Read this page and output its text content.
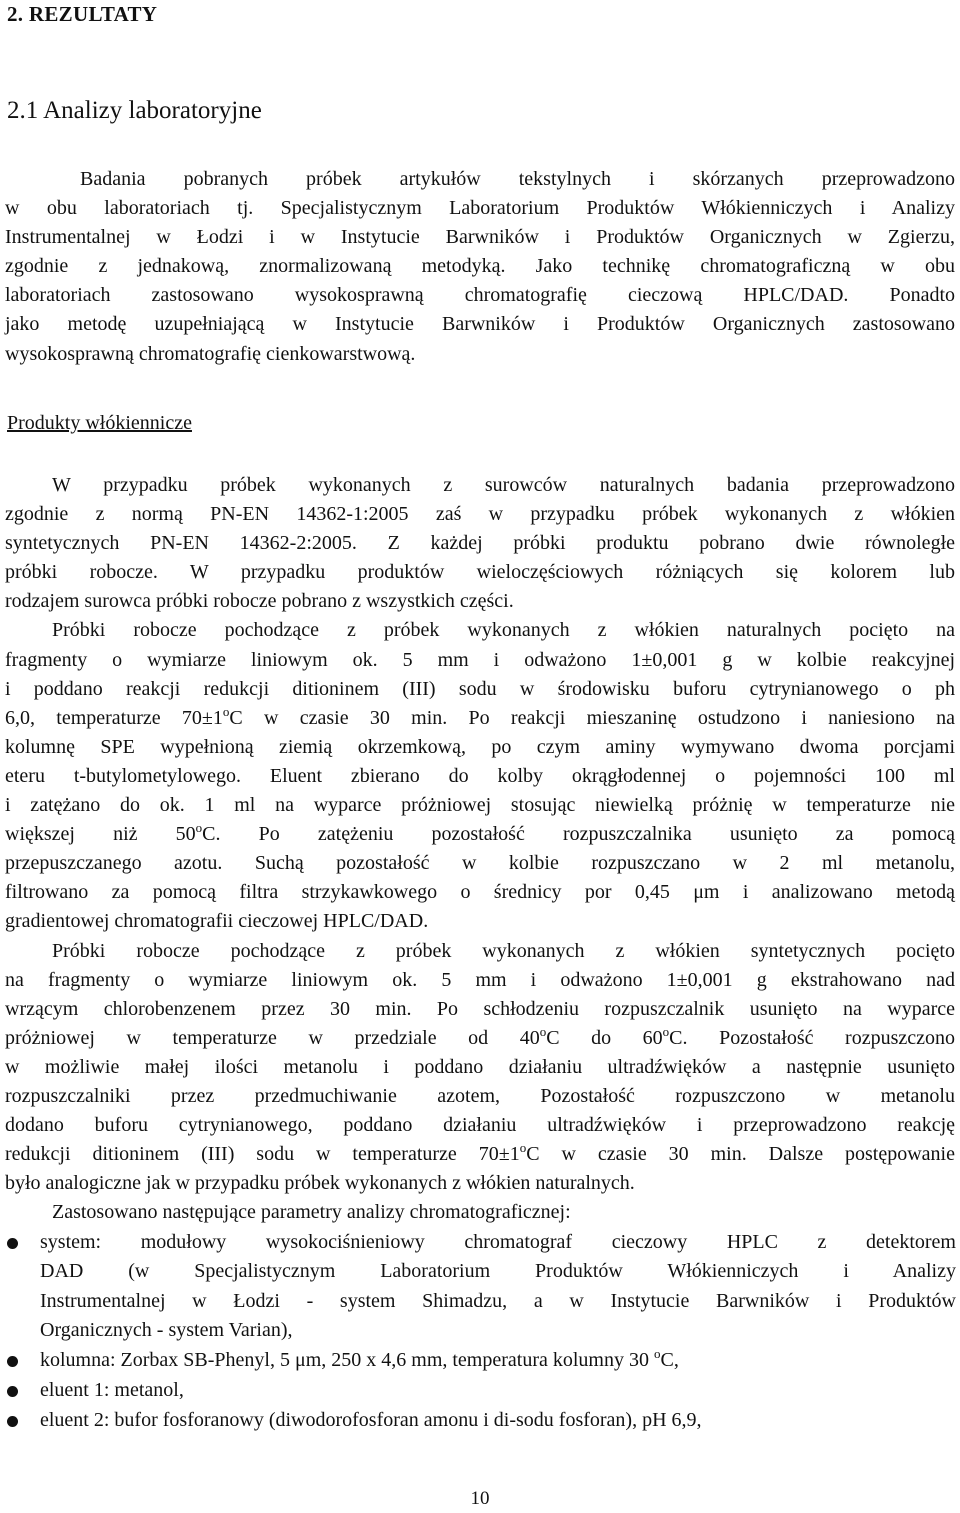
2. REZULTATY
2.1 Analizy laboratoryjne
Badania pobranych próbek artykułów tekstylnych i skórzanych przeprowadzono
w obu laboratoriach tj. Specjalistycznym Laboratorium Produktów Włókienniczych i Analizy
Instrumentalnej w Łodzi i w Instytucie Barwników i Produktów Organicznych w Zgierzu,
zgodnie z jednakową, znormalizowaną metodyką. Jako technikę chromatograficzną w obu
laboratoriach zastosowano wysokosprawną chromatografię cieczową HPLC/DAD. Ponadto
jako metodę uzupełniającą w Instytucie Barwników i Produktów Organicznych zastosowano
wysokosprawną chromatografię cienkowarstwową.
Produkty włókiennicze
W przypadku próbek wykonanych z surowców naturalnych badania przeprowadzono
zgodnie z normą PN-EN 14362-1:2005 zaś w przypadku próbek wykonanych z włókien
syntetycznych PN-EN 14362-2:2005. Z każdej próbki produktu pobrano dwie równoległe
próbki robocze. W przypadku produktów wieloczęściowych różniących się kolorem lub
rodzajem surowca próbki robocze pobrano z wszystkich części.
Próbki robocze pochodzące z próbek wykonanych z włókien naturalnych pocięto na
fragmenty o wymiarze liniowym ok. 5 mm i odważono 1±0,001 g w kolbie reakcyjnej
i poddano reakcji redukcji ditioninem (III) sodu w środowisku buforu cytrynianowego o ph
6,0, temperaturze $70\pm 1^oC$ w czasie 30 min. Po reakcji mieszaninę ostudzono i naniesiono na
kolumnę SPE wypełnioną ziemią okrzemkową, po czym aminy wymywano dwoma porcjami
eteru t-butylometylowego. Eluent zbierano do kolby okrągłodennej o pojemności 100 ml
i zatężano do ok. 1 ml na wyparce próżniowej stosując niewielką próżnię w temperaturze nie
większej niż 50$^o$C. Po zatężeniu pozostałość rozpuszczalnika usunięto za pomocą
przepuszczanego azotu. Suchą pozostałość w kolbie rozpuszczano w 2 ml metanolu,
filtrowano za pomocą filtra strzykawkowego o średnicy por 0,45 μm i analizowano metodą
gradientowej chromatografii cieczowej HPLC/DAD.
Próbki robocze pochodzące z próbek wykonanych z włókien syntetycznych pocięto
na fragmenty o wymiarze liniowym ok. 5 mm i odważono 1±0,001 g ekstrahowano nad
wrzącym chlorobenzenem przez 30 min. Po schłodzeniu rozpuszczalnik usunięto na wyparce
próżniowej w temperaturze w przedziale od 40$^o$C do 60$^o$C. Pozostałość rozpuszczono
w możliwie małej ilości metanolu i poddano działaniu ultradźwięków a następnie usunięto
rozpuszczalniki przez przedmuchiwanie azotem, Pozostałość rozpuszczono w metanolu
dodano buforu cytrynianowego, poddano działaniu ultradźwięków i przeprowadzono reakcję
redukcji ditioninem (III) sodu w temperaturze $70\pm 1^oC$ w czasie 30 min. Dalsze postępowanie
było analogiczne jak w przypadku próbek wykonanych z włókien naturalnych.
Zastosowano następujące parametry analizy chromatograficznej:
system: modułowy wysokociśnieniowy chromatograf cieczowy HPLC z detektorem
DAD (w Specjalistycznym Laboratorium Produktów Włókienniczych i Analizy
Instrumentalnej w Łodzi - system Shimadzu, a w Instytucie Barwników i Produktów
Organicznych - system Varian),
kolumna: Zorbax SB-Phenyl, 5 μm, 250 x 4,6 mm, temperatura kolumny 30 $^o$C,
eluent 1: metanol,
eluent 2: bufor fosforanowy (diwodorofosforan amonu i di-sodu fosforan), pH 6,9,
10
